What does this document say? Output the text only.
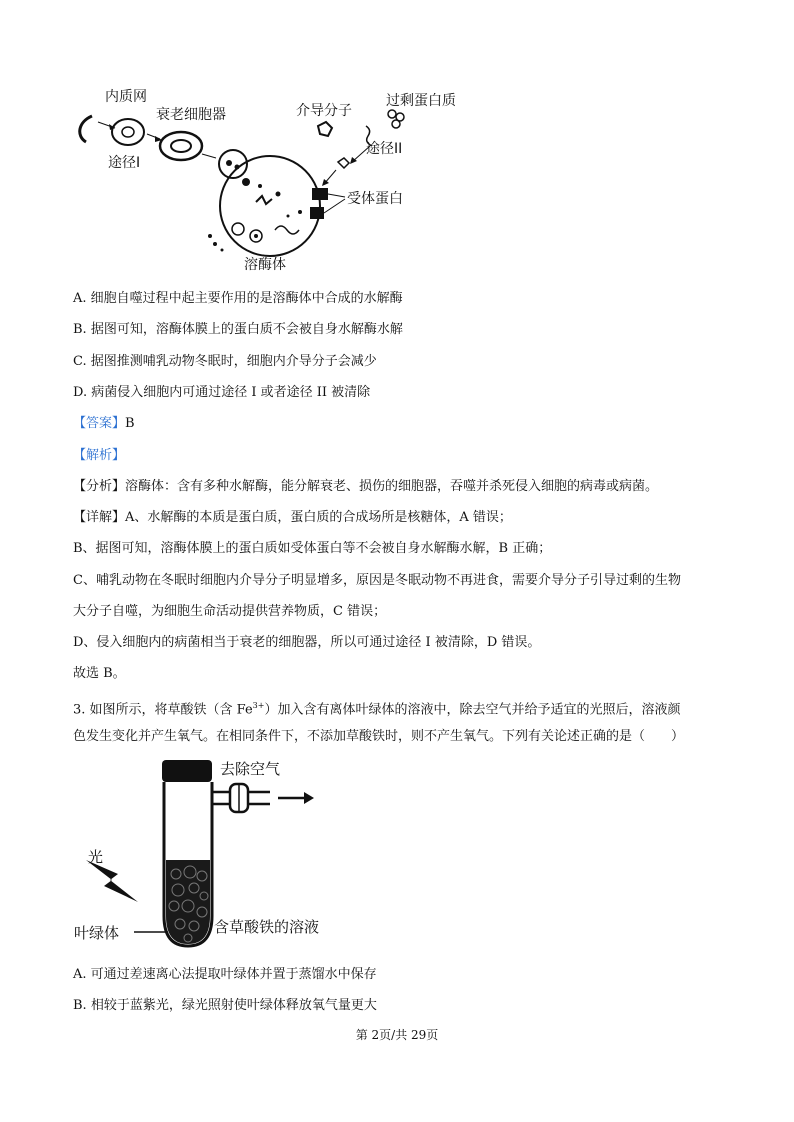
内质网
衰老细胞器
途径I
介导分子
过剩蛋白质
途径II
受体蛋白
溶酶体
A. 细胞自噬过程中起主要作用的是溶酶体中合成的水解酶
B. 据图可知，溶酶体膜上的蛋白质不会被自身水解酶水解
C. 据图推测哺乳动物冬眠时，细胞内介导分子会减少
D. 病菌侵入细胞内可通过途径 I 或者途径 II 被清除
【答案】B
【解析】
【分析】溶酶体：含有多种水解酶，能分解衰老、损伤的细胞器，吞噬并杀死侵入细胞的病毒或病菌。
【详解】A、水解酶的本质是蛋白质，蛋白质的合成场所是核糖体，A 错误；
B、据图可知，溶酶体膜上的蛋白质如受体蛋白等不会被自身水解酶水解，B 正确；
C、哺乳动物在冬眠时细胞内介导分子明显增多，原因是冬眠动物不再进食，需要介导分子引导过剩的生物
大分子自噬，为细胞生命活动提供营养物质，C 错误；
D、侵入细胞内的病菌相当于衰老的细胞器，所以可通过途径 I 被清除，D 错误。
故选 B。
3. 如图所示，将草酸铁（含 $Fe^{3+}$）加入含有离体叶绿体的溶液中，除去空气并给予适宜的光照后，溶液颜
色发生变化并产生氧气。在相同条件下，不添加草酸铁时，则不产生氧气。下列有关论述正确的是（　　）
去除空气
光
叶绿体	含草酸铁的溶液
A. 可通过差速离心法提取叶绿体并置于蒸馏水中保存
B. 相较于蓝紫光，绿光照射使叶绿体释放氧气量更大
第 2页/共 29页
